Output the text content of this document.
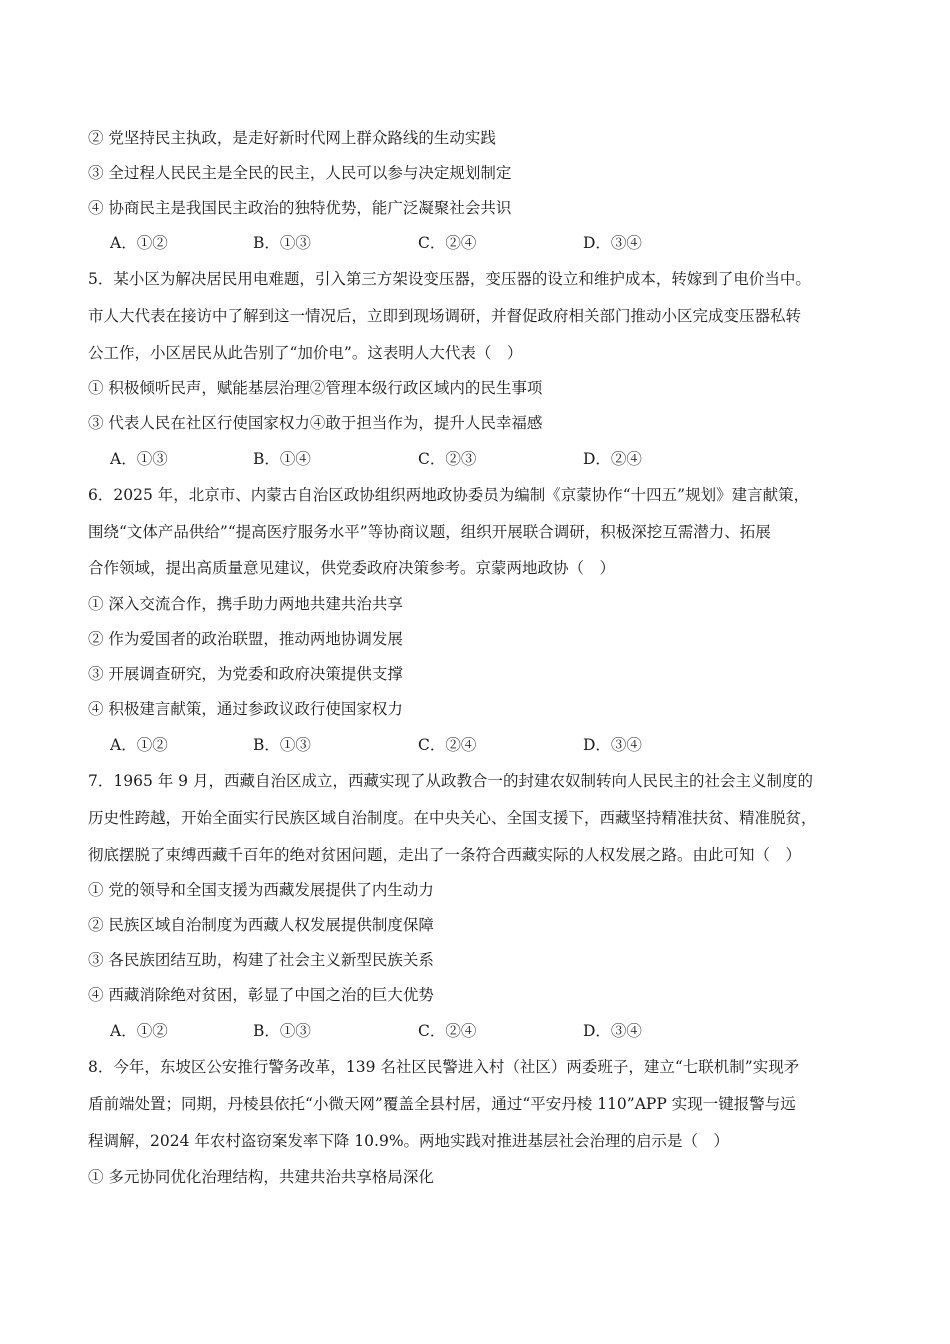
② 党坚持民主执政，是走好新时代网上群众路线的生动实践
③ 全过程人民民主是全民的民主，人民可以参与决定规划制定
④ 协商民主是我国民主政治的独特优势，能广泛凝聚社会共识
A．①②	B．①③	C．②④	D．③④
5．某小区为解决居民用电难题，引入第三方架设变压器，变压器的设立和维护成本，转嫁到了电价当中。
市人大代表在接访中了解到这一情况后，立即到现场调研，并督促政府相关部门推动小区完成变压器私转
公工作，小区居民从此告别了“加价电”。这表明人大代表（　）
① 积极倾听民声，赋能基层治理②管理本级行政区域内的民生事项
③ 代表人民在社区行使国家权力④敢于担当作为，提升人民幸福感
A．①③	B．①④	C．②③	D．②④
6．2025 年，北京市、内蒙古自治区政协组织两地政协委员为编制《京蒙协作“十四五”规划》建言献策，
围绕“文体产品供给”“提高医疗服务水平”等协商议题，组织开展联合调研，积极深挖互需潜力、拓展
合作领域，提出高质量意见建议，供党委政府决策参考。京蒙两地政协（　）
① 深入交流合作，携手助力两地共建共治共享
② 作为爱国者的政治联盟，推动两地协调发展
③ 开展调查研究，为党委和政府决策提供支撑
④ 积极建言献策，通过参政议政行使国家权力
A．①②	B．①③	C．②④	D．③④
7．1965 年 9 月，西藏自治区成立，西藏实现了从政教合一的封建农奴制转向人民民主的社会主义制度的
历史性跨越，开始全面实行民族区域自治制度。在中央关心、全国支援下，西藏坚持精准扶贫、精准脱贫，
彻底摆脱了束缚西藏千百年的绝对贫困问题，走出了一条符合西藏实际的人权发展之路。由此可知（　）
① 党的领导和全国支援为西藏发展提供了内生动力
② 民族区域自治制度为西藏人权发展提供制度保障
③ 各民族团结互助，构建了社会主义新型民族关系
④ 西藏消除绝对贫困，彰显了中国之治的巨大优势
A．①②	B．①③	C．②④	D．③④
8．今年，东坡区公安推行警务改革，139 名社区民警进入村（社区）两委班子，建立“七联机制”实现矛
盾前端处置；同期，丹棱县依托“小微天网”覆盖全县村居，通过“平安丹棱 110”APP 实现一键报警与远
程调解，2024 年农村盗窃案发率下降 10.9%。两地实践对推进基层社会治理的启示是（　）
① 多元协同优化治理结构，共建共治共享格局深化
